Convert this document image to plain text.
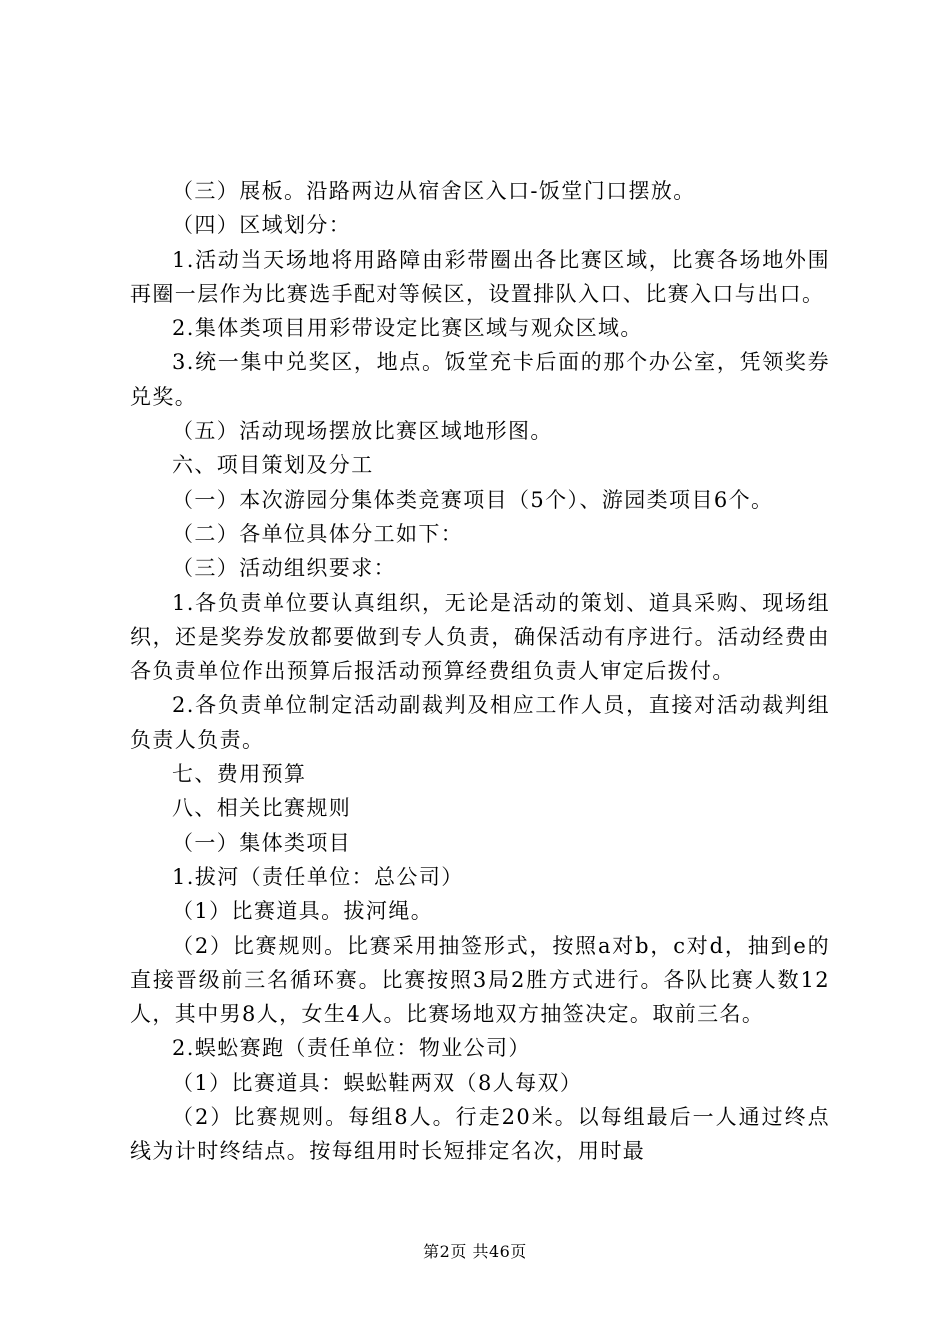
（三）展板。沿路两边从宿舍区入口-饭堂门口摆放。

（四）区域划分：

1.活动当天场地将用路障由彩带圈出各比赛区域，比赛各场地外围再圈一层作为比赛选手配对等候区，设置排队入口、比赛入口与出口。

2.集体类项目用彩带设定比赛区域与观众区域。

3.统一集中兑奖区，地点。饭堂充卡后面的那个办公室，凭领奖券兑奖。

（五）活动现场摆放比赛区域地形图。

六、项目策划及分工

（一）本次游园分集体类竞赛项目（5个）、游园类项目6个。

（二）各单位具体分工如下：

（三）活动组织要求：

1.各负责单位要认真组织，无论是活动的策划、道具采购、现场组织，还是奖券发放都要做到专人负责，确保活动有序进行。活动经费由各负责单位作出预算后报活动预算经费组负责人审定后拨付。

2.各负责单位制定活动副裁判及相应工作人员，直接对活动裁判组负责人负责。

七、费用预算

八、相关比赛规则

（一）集体类项目

1.拔河（责任单位：总公司）

（1）比赛道具。拔河绳。

（2）比赛规则。比赛采用抽签形式，按照a对b，c对d，抽到e的直接晋级前三名循环赛。比赛按照3局2胜方式进行。各队比赛人数12人，其中男8人，女生4人。比赛场地双方抽签决定。取前三名。

2.蜈蚣赛跑（责任单位：物业公司）

（1）比赛道具：蜈蚣鞋两双（8人每双）

（2）比赛规则。每组8人。行走20米。以每组最后一人通过终点线为计时终结点。按每组用时长短排定名次，用时最

第2页 共46页
